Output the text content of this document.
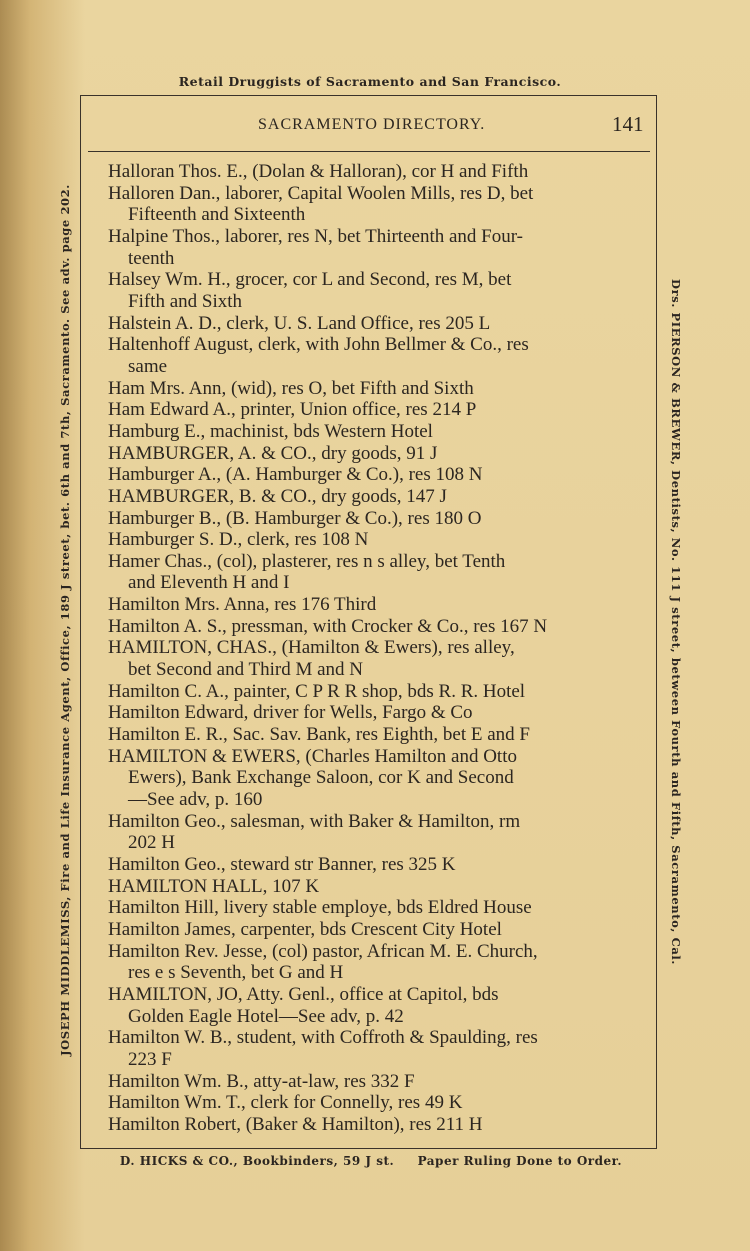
Retail Druggists of Sacramento and San Francisco.
SACRAMENTO DIRECTORY.	141
JOSEPH MIDDLEMISS, Fire and Life Insurance Agent, Office, 189 J street, bet. 6th and 7th, Sacramento. See adv. page 202.	Drs. PIERSON & BREWER, Dentists, No. 111 J street, between Fourth and Fifth, Sacramento, Cal.
Halloran Thos. E., (Dolan & Halloran), cor H and Fifth
Halloren Dan., laborer, Capital Woolen Mills, res D, bet
Fifteenth and Sixteenth
Halpine Thos., laborer, res N, bet Thirteenth and Four-
teenth
Halsey Wm. H., grocer, cor L and Second, res M, bet
Fifth and Sixth
Halstein A. D., clerk, U. S. Land Office, res 205 L
Haltenhoff August, clerk, with John Bellmer & Co., res
same
Ham Mrs. Ann, (wid), res O, bet Fifth and Sixth
Ham Edward A., printer, Union office, res 214 P
Hamburg E., machinist, bds Western Hotel
HAMBURGER, A. & CO., dry goods, 91 J
Hamburger A., (A. Hamburger & Co.), res 108 N
HAMBURGER, B. & CO., dry goods, 147 J
Hamburger B., (B. Hamburger & Co.), res 180 O
Hamburger S. D., clerk, res 108 N
Hamer Chas., (col), plasterer, res n s alley, bet Tenth
and Eleventh H and I
Hamilton Mrs. Anna, res 176 Third
Hamilton A. S., pressman, with Crocker & Co., res 167 N
HAMILTON, CHAS., (Hamilton & Ewers), res alley,
bet Second and Third M and N
Hamilton C. A., painter, C P R R shop, bds R. R. Hotel
Hamilton Edward, driver for Wells, Fargo & Co
Hamilton E. R., Sac. Sav. Bank, res Eighth, bet E and F
HAMILTON & EWERS, (Charles Hamilton and Otto
Ewers), Bank Exchange Saloon, cor K and Second
—See adv, p. 160
Hamilton Geo., salesman, with Baker & Hamilton, rm
202 H
Hamilton Geo., steward str Banner, res 325 K
HAMILTON HALL, 107 K
Hamilton Hill, livery stable employe, bds Eldred House
Hamilton James, carpenter, bds Crescent City Hotel
Hamilton Rev. Jesse, (col) pastor, African M. E. Church,
res e s Seventh, bet G and H
HAMILTON, JO, Atty. Genl., office at Capitol, bds
Golden Eagle Hotel—See adv, p. 42
Hamilton W. B., student, with Coffroth & Spaulding, res
223 F
Hamilton Wm. B., atty-at-law, res 332 F
Hamilton Wm. T., clerk for Connelly, res 49 K
Hamilton Robert, (Baker & Hamilton), res 211 H
D. HICKS & CO., Bookbinders, 59 J st.     Paper Ruling Done to Order.
